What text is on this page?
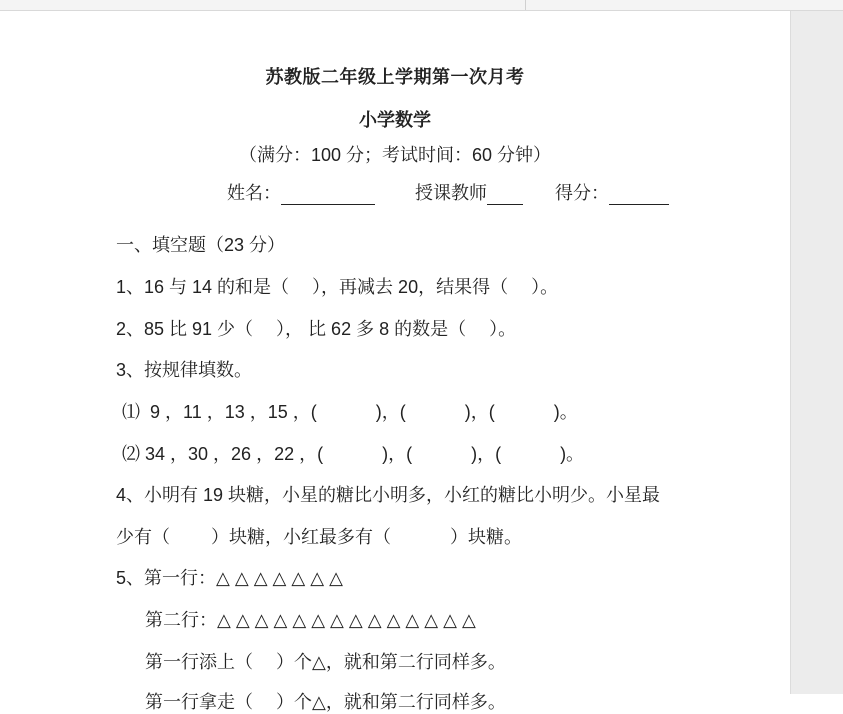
苏教版二年级上学期第一次月考
小学数学
（满分：100 分；考试时间：60 分钟）
姓名：	授课教师	得分：
一、填空题（23 分）
1、16 与 14 的和是（　 ），再减去 20，结果得（　 ）。
2、85 比 91 少（　 ）， 比 62 多 8 的数是（　 ）。
3、按规律填数。
⑴  9 ，11 ，13 ，15 ，(　　　 )，(　　　 )，(　　　 )。
⑵ 34 ，30 ，26 ，22 ，(　　　 )，(　　　 )，(　　　 )。
4、小明有 19 块糖，小星的糖比小明多，小红的糖比小明少。小星最
少有（　　 ）块糖，小红最多有（　　　 ）块糖。
5、第一行：△ △ △ △ △ △ △
第二行：△ △ △ △ △ △ △ △ △ △ △ △ △ △
第一行添上（　 ）个△，就和第二行同样多。
第一行拿走（　 ）个△，就和第二行同样多。
